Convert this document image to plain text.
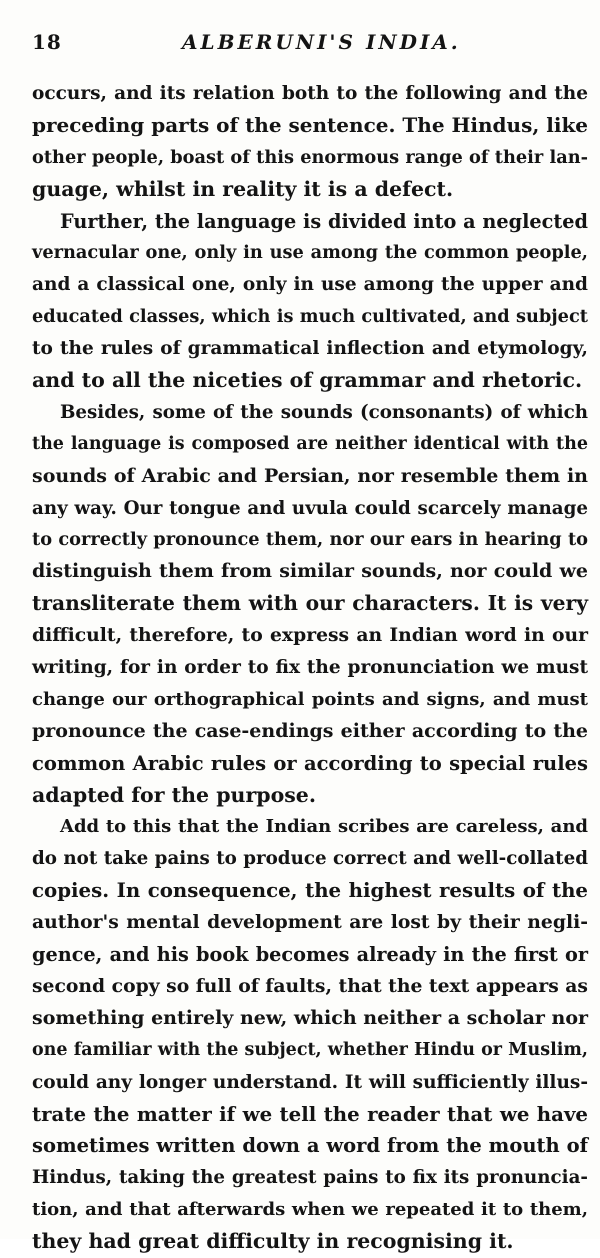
18	ALBERUNI'S INDIA.
occurs, and its relation both to the following and the
preceding parts of the sentence. The Hindus, like
other people, boast of this enormous range of their lan-
guage, whilst in reality it is a defect.
Further, the language is divided into a neglected
vernacular one, only in use among the common people,
and a classical one, only in use among the upper and
educated classes, which is much cultivated, and subject
to the rules of grammatical inflection and etymology,
and to all the niceties of grammar and rhetoric.
Besides, some of the sounds (consonants) of which
the language is composed are neither identical with the
sounds of Arabic and Persian, nor resemble them in
any way. Our tongue and uvula could scarcely manage
to correctly pronounce them, nor our ears in hearing to
distinguish them from similar sounds, nor could we
transliterate them with our characters. It is very
difficult, therefore, to express an Indian word in our
writing, for in order to fix the pronunciation we must
change our orthographical points and signs, and must
pronounce the case-endings either according to the
common Arabic rules or according to special rules
adapted for the purpose.
Add to this that the Indian scribes are careless, and
do not take pains to produce correct and well-collated
copies. In consequence, the highest results of the
author's mental development are lost by their negli-
gence, and his book becomes already in the first or
second copy so full of faults, that the text appears as
something entirely new, which neither a scholar nor
one familiar with the subject, whether Hindu or Muslim,
could any longer understand. It will sufficiently illus-
trate the matter if we tell the reader that we have
sometimes written down a word from the mouth of
Hindus, taking the greatest pains to fix its pronuncia-
tion, and that afterwards when we repeated it to them,
they had great difficulty in recognising it.
